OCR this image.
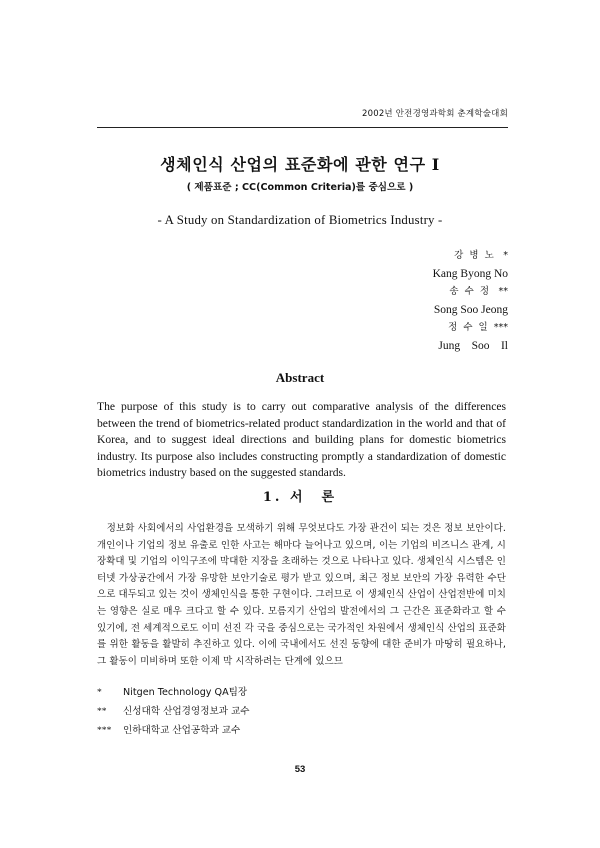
2002년 안전경영과학회 춘계학술대회
생체인식 산업의 표준화에 관한 연구 Ⅰ
( 제품표준 ; CC(Common Criteria)를 중심으로 )
- A Study on Standardization of Biometrics Industry -
강 병 노　*
Kang Byong No
송 수 정　**
Song Soo Jeong
정 수 일 ***
Jung　Soo　Il
Abstract
The purpose of this study is to carry out comparative analysis of the differences between the trend of biometrics-related product standardization in the world and that of Korea, and to suggest ideal directions and building plans for domestic biometrics industry. Its purpose also includes constructing promptly a standardization of domestic biometrics industry based on the suggested standards.
1. 서　론
　정보화 사회에서의 사업환경을 모색하기 위해 무엇보다도 가장 관건이 되는 것은 정보 보안이다. 개인이나 기업의 정보 유출로 인한 사고는 해마다 늘어나고 있으며, 이는 기업의 비즈니스 관계, 시장확대 및 기업의 이익구조에 막대한 지장을 초래하는 것으로 나타나고 있다. 생체인식 시스템은 인터넷 가상공간에서 가장 유망한 보안기술로 평가 받고 있으며, 최근 정보 보안의 가장 유력한 수단으로 대두되고 있는 것이 생체인식을 통한 구현이다. 그러므로 이 생체인식 산업이 산업전반에 미치는 영향은 실로 매우 크다고 할 수 있다. 모름지기 산업의 발전에서의 그 근간은 표준화라고 할 수 있기에, 전 세계적으로도 이미 선진 각 국을 중심으로는 국가적인 차원에서 생체인식 산업의 표준화를 위한 활동을 활발히 추진하고 있다. 이에 국내에서도 선진 동향에 대한 준비가 마땅히 필요하나, 그 활동이 미비하며 또한 이제 막 시작하려는 단계에 있으므
* Nitgen Technology QA팀장
** 신성대학 산업경영정보과 교수
*** 인하대학교 산업공학과 교수
53
